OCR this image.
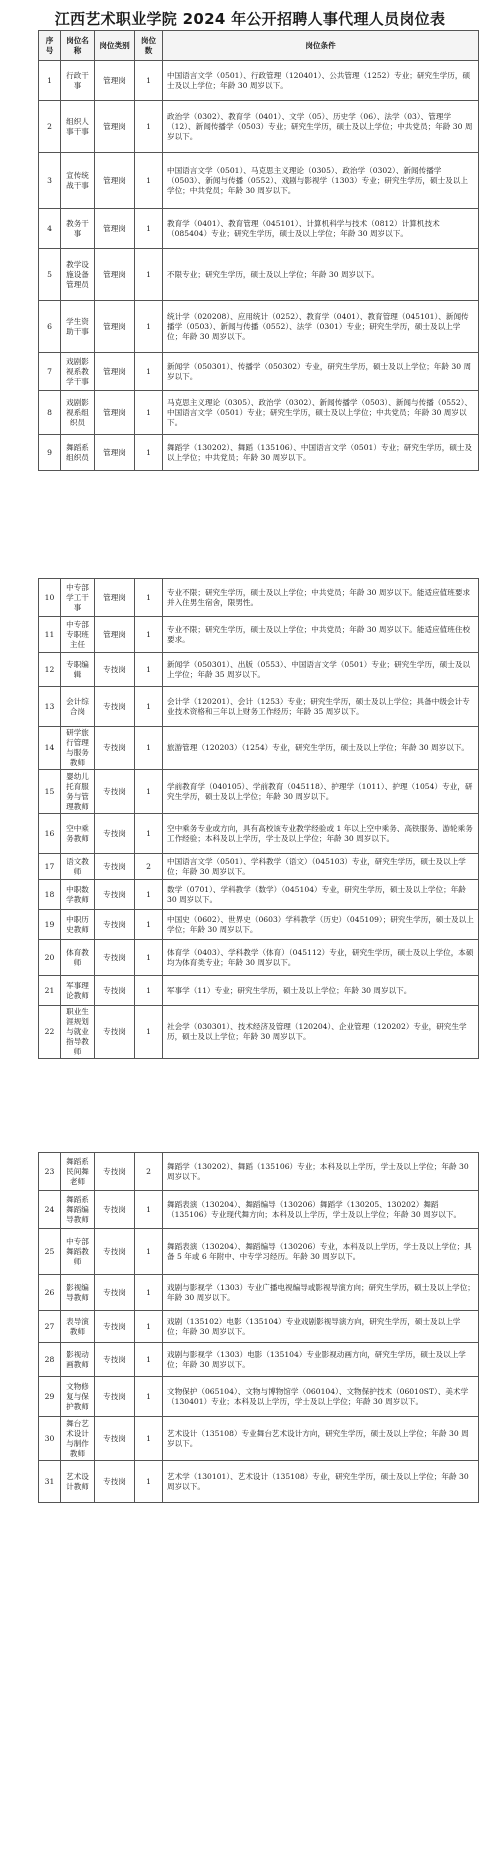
江西艺术职业学院 2024 年公开招聘人事代理人员岗位表
序号	岗位名称	岗位类别	岗位数	岗位条件
1	行政干事	管理岗	1	中国语言文学（0501）、行政管理（120401）、公共管理（1252）专业；研究生学历，硕士及以上学位；年龄 30 周岁以下。
2	组织人事干事	管理岗	1	政治学（0302）、教育学（0401）、文学（05）、历史学（06）、法学（03）、管理学（12）、新闻传播学（0503）专业；研究生学历，硕士及以上学位；中共党员；年龄 30 周岁以下。
3	宣传统战干事	管理岗	1	中国语言文学（0501）、马克思主义理论（0305）、政治学（0302）、新闻传播学（0503）、新闻与传播（0552）、戏剧与影视学（1303）专业；研究生学历，硕士及以上学位；中共党员；年龄 30 周岁以下。
4	教务干事	管理岗	1	教育学（0401）、教育管理（045101）、计算机科学与技术（0812）计算机技术（085404）专业；研究生学历，硕士及以上学位；年龄 30 周岁以下。
5	教学设施设备管理员	管理岗	1	不限专业；研究生学历，硕士及以上学位；年龄 30 周岁以下。
6	学生资助干事	管理岗	1	统计学（020208）、应用统计（0252）、教育学（0401）、教育管理（045101）、新闻传播学（0503）、新闻与传播（0552）、法学（0301）专业；研究生学历，硕士及以上学位；年龄 30 周岁以下。
7	戏剧影视系教学干事	管理岗	1	新闻学（050301）、传播学（050302）专业，研究生学历，硕士及以上学位；年龄 30 周岁以下。
8	戏剧影视系组织员	管理岗	1	马克思主义理论（0305）、政治学（0302）、新闻传播学（0503）、新闻与传播（0552）、中国语言文学（0501）专业；研究生学历，硕士及以上学位；中共党员；年龄 30 周岁以下。
9	舞蹈系组织员	管理岗	1	舞蹈学（130202）、舞蹈（135106）、中国语言文学（0501）专业；研究生学历，硕士及以上学位；中共党员；年龄 30 周岁以下。
10	中专部学工干事	管理岗	1	专业不限；研究生学历，硕士及以上学位；中共党员；年龄 30 周岁以下。能适应值班要求并入住男生宿舍，限男性。
11	中专部专职班主任	管理岗	1	专业不限；研究生学历，硕士及以上学位；中共党员；年龄 30 周岁以下。能适应值班住校要求。
12	专职编辑	专技岗	1	新闻学（050301）、出版（0553）、中国语言文学（0501）专业；研究生学历，硕士及以上学位；年龄 35 周岁以下。
13	会计综合岗	专技岗	1	会计学（120201）、会计（1253）专业；研究生学历，硕士及以上学位；具备中级会计专业技术资格和三年以上财务工作经历；年龄 35 周岁以下。
14	研学旅行管理与服务教师	专技岗	1	旅游管理（120203）（1254）专业，研究生学历，硕士及以上学位；年龄 30 周岁以下。
15	婴幼儿托育服务与管理教师	专技岗	1	学前教育学（040105）、学前教育（045118）、护理学（1011）、护理（1054）专业，研究生学历，硕士及以上学位；年龄 30 周岁以下。
16	空中乘务教师	专技岗	1	空中乘务专业或方向，具有高校该专业教学经验或 1 年以上空中乘务、高铁服务、游轮乘务工作经验；本科及以上学历，学士及以上学位；年龄 30 周岁以下。
17	语文教师	专技岗	2	中国语言文学（0501）、学科教学（语文）（045103）专业，研究生学历，硕士及以上学位；年龄 30 周岁以下。
18	中职数学教师	专技岗	1	数学（0701）、学科教学（数学）（045104）专业，研究生学历，硕士及以上学位；年龄 30 周岁以下。
19	中职历史教师	专技岗	1	中国史（0602）、世界史（0603）学科教学（历史）（045109）；研究生学历，硕士及以上学位；年龄 30 周岁以下。
20	体育教师	专技岗	1	体育学（0403）、学科教学（体育）（045112）专业，研究生学历，硕士及以上学位，本硕均为体育类专业；年龄 30 周岁以下。
21	军事理论教师	专技岗	1	军事学（11）专业；研究生学历，硕士及以上学位；年龄 30 周岁以下。
22	职业生涯规划与就业指导教师	专技岗	1	社会学（030301）、技术经济及管理（120204）、企业管理（120202）专业，研究生学历，硕士及以上学位；年龄 30 周岁以下。
23	舞蹈系民间舞老师	专技岗	2	舞蹈学（130202）、舞蹈（135106）专业；本科及以上学历，学士及以上学位；年龄 30 周岁以下。
24	舞蹈系舞蹈编导教师	专技岗	1	舞蹈表演（130204）、舞蹈编导（130206）舞蹈学（130205、130202）舞蹈（135106）专业现代舞方向；本科及以上学历，学士及以上学位；年龄 30 周岁以下。
25	中专部舞蹈教师	专技岗	1	舞蹈表演（130204）、舞蹈编导（130206）专业，本科及以上学历，学士及以上学位；具备 5 年或 6 年附中、中专学习经历。年龄 30 周岁以下。
26	影视编导教师	专技岗	1	戏剧与影视学（1303）专业广播电视编导或影视导演方向；研究生学历，硕士及以上学位；年龄 30 周岁以下。
27	表导演教师	专技岗	1	戏剧（135102）电影（135104）专业戏剧影视导演方向，研究生学历，硕士及以上学位；年龄 30 周岁以下。
28	影视动画教师	专技岗	1	戏剧与影视学（1303）电影（135104）专业影视动画方向，研究生学历，硕士及以上学位；年龄 30 周岁以下。
29	文物修复与保护教师	专技岗	1	文物保护（065104）、文物与博物馆学（060104）、文物保护技术（06010ST）、美术学（130401）专业；本科及以上学历，学士及以上学位；年龄 30 周岁以下。
30	舞台艺术设计与制作教师	专技岗	1	艺术设计（135108）专业舞台艺术设计方向，研究生学历，硕士及以上学位；年龄 30 周岁以下。
31	艺术设计教师	专技岗	1	艺术学（130101）、艺术设计（135108）专业，研究生学历，硕士及以上学位；年龄 30 周岁以下。
